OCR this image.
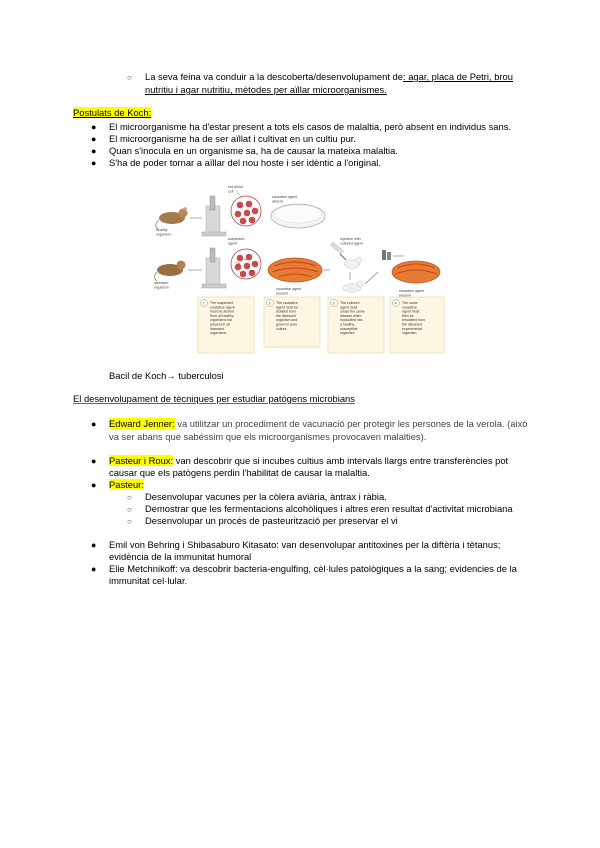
○ La seva feina va conduir a la descoberta/desenvolupament de: agar, placa de Petri, brou
nutritiu i agar nutritiu, mètodes per aïllar microorganismes.
Postulats de Koch:
● El microorganisme ha d'estar present a tots els casos de malaltia, però absent en individus sans.
● El microorganisme ha de ser aïllat i cultivat en un cultiu pur.
● Quan s'inocula en un organisme sa, ha de causar la mateixa malaltia.
● S'ha de poder tornar a aïllar del nou hoste i ser idèntic a l'original.
healthy organism
red blood cell
causative agent absent
diseased organism
suspected agent
causative agent present
injection with cultured agent
causative agent present
1 The suspected causative agent must be absent from all healthy organisms but present in all diseased organisms.
2 The causative agent must be isolated from the diseased organism and grown in pure culture.
3 The cultured agent must cause the same disease when inoculated into a healthy, susceptible organism.
4 The same causative agent must then be reisolated from the diseased experimental organism.
Bacil de Koch→ tuberculosi
El desenvolupament de tècniques per estudiar patògens microbians
● Edward Jenner: va utilitzar un procediment de vacunació per protegir les persones de la verola. (això
va ser abans que sabéssim que els microorganismes provocaven malalties).
● Pasteur i Roux: van descobrir que si incubes cultius amb intervals llargs entre transferències pot
causar que els patògens perdin l'habilitat de causar la malaltia.
● Pasteur:
○ Desenvolupar vacunes per la còlera aviària, àntrax i ràbia.
○ Demostrar que les fermentacions alcohòliques i altres eren resultat d'activitat microbiana
○ Desenvolupar un procés de pasteurització per preservar el vi
● Emil von Behring i Shibasaburo Kitasato: van desenvolupar antitoxines per la diftèria i tètanus;
evidència de la immunitat humoral
● Elie Metchnikoff: va descobrir bacteria-engulfing, cèl·lules patològiques a la sang; evidencies de la
immunitat cel·lular.
